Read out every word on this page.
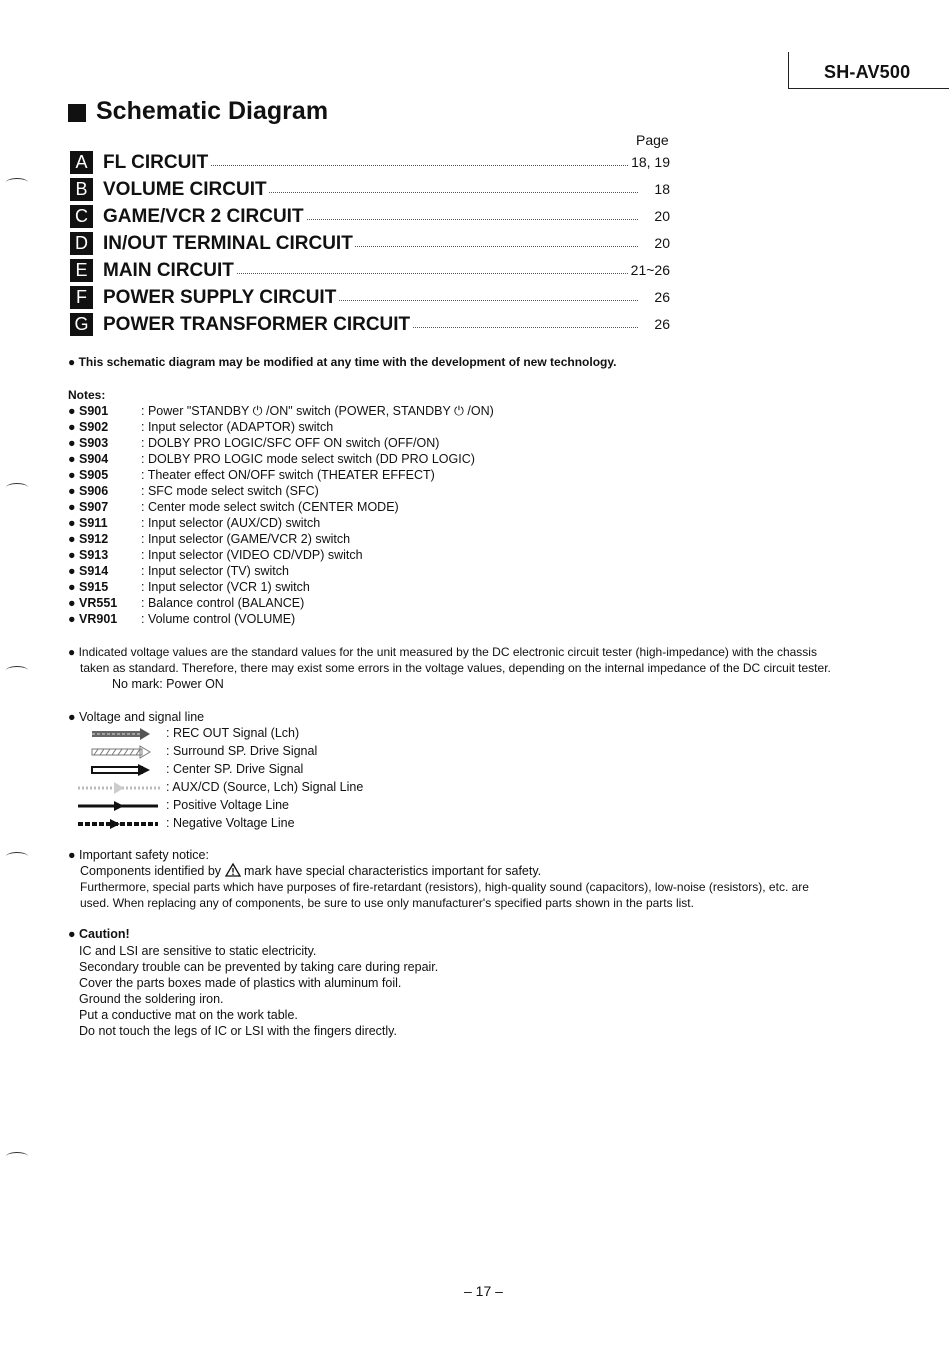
SH-AV500
Schematic Diagram
Page
A FL CIRCUIT	18, 19
B VOLUME CIRCUIT	18
C GAME/VCR 2 CIRCUIT	20
D IN/OUT TERMINAL CIRCUIT	20
E MAIN CIRCUIT	21~26
F POWER SUPPLY CIRCUIT	26
G POWER TRANSFORMER CIRCUIT	26
● This schematic diagram may be modified at any time with the development of new technology.
Notes:
● S901	: Power "STANDBY ⏻ /ON" switch (POWER, STANDBY ⏻ /ON)
● S902	: Input selector (ADAPTOR) switch
● S903	: DOLBY PRO LOGIC/SFC OFF ON switch (OFF/ON)
● S904	: DOLBY PRO LOGIC mode select switch (DD PRO LOGIC)
● S905	: Theater effect ON/OFF switch (THEATER EFFECT)
● S906	: SFC mode select switch (SFC)
● S907	: Center mode select switch (CENTER MODE)
● S911	: Input selector (AUX/CD) switch
● S912	: Input selector (GAME/VCR 2) switch
● S913	: Input selector (VIDEO CD/VDP) switch
● S914	: Input selector (TV) switch
● S915	: Input selector (VCR 1) switch
● VR551 : Balance control (BALANCE)
● VR901 : Volume control (VOLUME)
● Indicated voltage values are the standard values for the unit measured by the DC electronic circuit tester (high-impedance) with the chassis
taken as standard. Therefore, there may exist some errors in the voltage values, depending on the internal impedance of the DC circuit tester.
No mark: Power ON
● Voltage and signal line
: REC OUT Signal (Lch)
: Surround SP. Drive Signal
: Center SP. Drive Signal
: AUX/CD (Source, Lch) Signal Line
: Positive Voltage Line
: Negative Voltage Line
● Important safety notice:
Components identified by mark have special characteristics important for safety.
Furthermore, special parts which have purposes of fire-retardant (resistors), high-quality sound (capacitors), low-noise (resistors), etc. are
used. When replacing any of components, be sure to use only manufacturer's specified parts shown in the parts list.
● Caution!
IC and LSI are sensitive to static electricity.
Secondary trouble can be prevented by taking care during repair.
Cover the parts boxes made of plastics with aluminum foil.
Ground the soldering iron.
Put a conductive mat on the work table.
Do not touch the legs of IC or LSI with the fingers directly.
– 17 –
